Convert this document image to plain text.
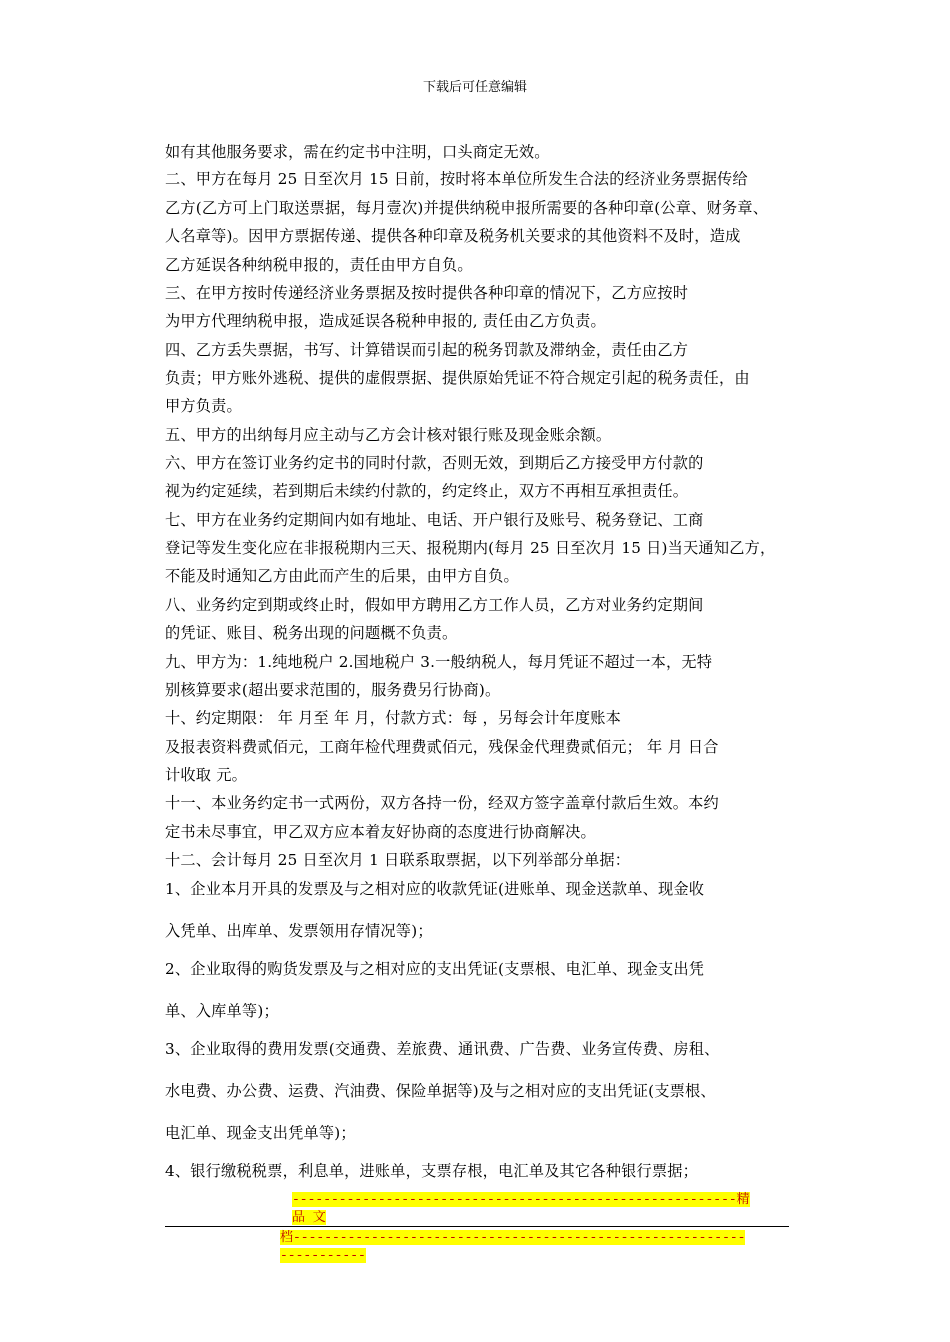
下载后可任意编辑
如有其他服务要求，需在约定书中注明，口头商定无效。
二、甲方在每月 25 日至次月 15 日前，按时将本单位所发生合法的经济业务票据传给
乙方(乙方可上门取送票据，每月壹次)并提供纳税申报所需要的各种印章(公章、财务章、
人名章等)。因甲方票据传递、提供各种印章及税务机关要求的其他资料不及时，造成
乙方延误各种纳税申报的，责任由甲方自负。
三、在甲方按时传递经济业务票据及按时提供各种印章的情况下，乙方应按时
为甲方代理纳税申报，造成延误各税种申报的, 责任由乙方负责。
四、乙方丢失票据，书写、计算错误而引起的税务罚款及滞纳金，责任由乙方
负责；甲方账外逃税、提供的虚假票据、提供原始凭证不符合规定引起的税务责任，由
甲方负责。
五、甲方的出纳每月应主动与乙方会计核对银行账及现金账余额。
六、甲方在签订业务约定书的同时付款，否则无效，到期后乙方接受甲方付款的
视为约定延续，若到期后未续约付款的，约定终止，双方不再相互承担责任。
七、甲方在业务约定期间内如有地址、电话、开户银行及账号、税务登记、工商
登记等发生变化应在非报税期内三天、报税期内(每月 25 日至次月 15 日)当天通知乙方，
不能及时通知乙方由此而产生的后果，由甲方自负。
八、业务约定到期或终止时，假如甲方聘用乙方工作人员，乙方对业务约定期间
的凭证、账目、税务出现的问题概不负责。
九、甲方为：1.纯地税户 2.国地税户 3.一般纳税人，每月凭证不超过一本，无特
别核算要求(超出要求范围的，服务费另行协商)。
十、约定期限： 年 月至 年 月，付款方式：每 ，另每会计年度账本
及报表资料费贰佰元，工商年检代理费贰佰元，残保金代理费贰佰元； 年 月 日合
计收取 元。
十一、本业务约定书一式两份，双方各持一份，经双方签字盖章付款后生效。本约
定书未尽事宜，甲乙双方应本着友好协商的态度进行协商解决。
十二、会计每月 25 日至次月 1 日联系取票据，以下列举部分单据：
1、企业本月开具的发票及与之相对应的收款凭证(进账单、现金送款单、现金收
入凭单、出库单、发票领用存情况等)；
2、企业取得的购货发票及与之相对应的支出凭证(支票根、电汇单、现金支出凭
单、入库单等)；
3、企业取得的费用发票(交通费、差旅费、通讯费、广告费、业务宣传费、房租、
水电费、办公费、运费、汽油费、保险单据等)及与之相对应的支出凭证(支票根、
电汇单、现金支出凭单等)；
4、银行缴税税票，利息单，进账单，支票存根，电汇单及其它各种银行票据；
---------------------------------------------------------精品 文
档---------------------------------------------------------------------
